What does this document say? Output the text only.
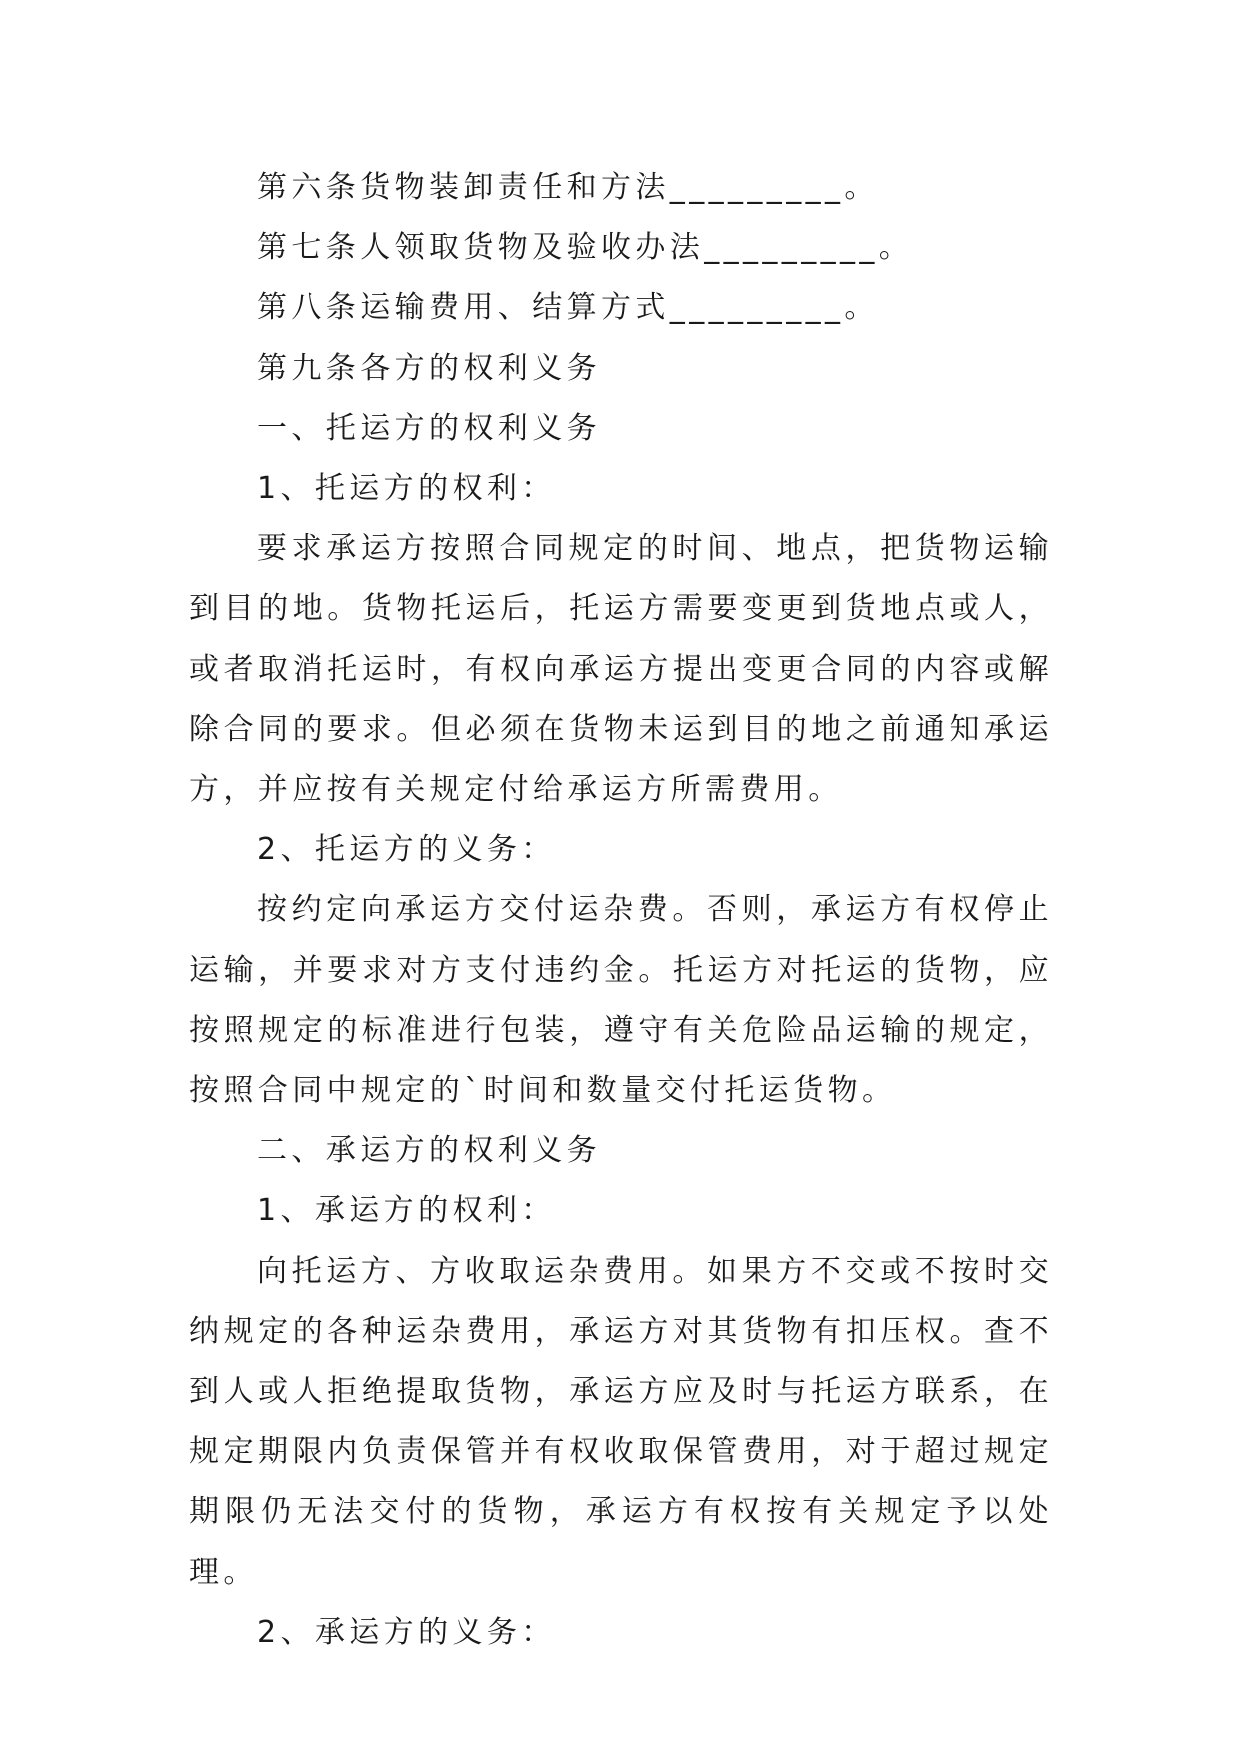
第六条货物装卸责任和方法_________。

第七条人领取货物及验收办法_________。

第八条运输费用、结算方式_________。

第九条各方的权利义务

一、托运方的权利义务

1、托运方的权利：

要求承运方按照合同规定的时间、地点，把货物运输到目的地。货物托运后，托运方需要变更到货地点或人，或者取消托运时，有权向承运方提出变更合同的内容或解除合同的要求。但必须在货物未运到目的地之前通知承运方，并应按有关规定付给承运方所需费用。

2、托运方的义务：

按约定向承运方交付运杂费。否则，承运方有权停止运输，并要求对方支付违约金。托运方对托运的货物，应按照规定的标准进行包装，遵守有关危险品运输的规定，按照合同中规定的`时间和数量交付托运货物。

二、承运方的权利义务

1、承运方的权利：

向托运方、方收取运杂费用。如果方不交或不按时交纳规定的各种运杂费用，承运方对其货物有扣压权。查不到人或人拒绝提取货物，承运方应及时与托运方联系，在规定期限内负责保管并有权收取保管费用，对于超过规定期限仍无法交付的货物，承运方有权按有关规定予以处理。

2、承运方的义务：
